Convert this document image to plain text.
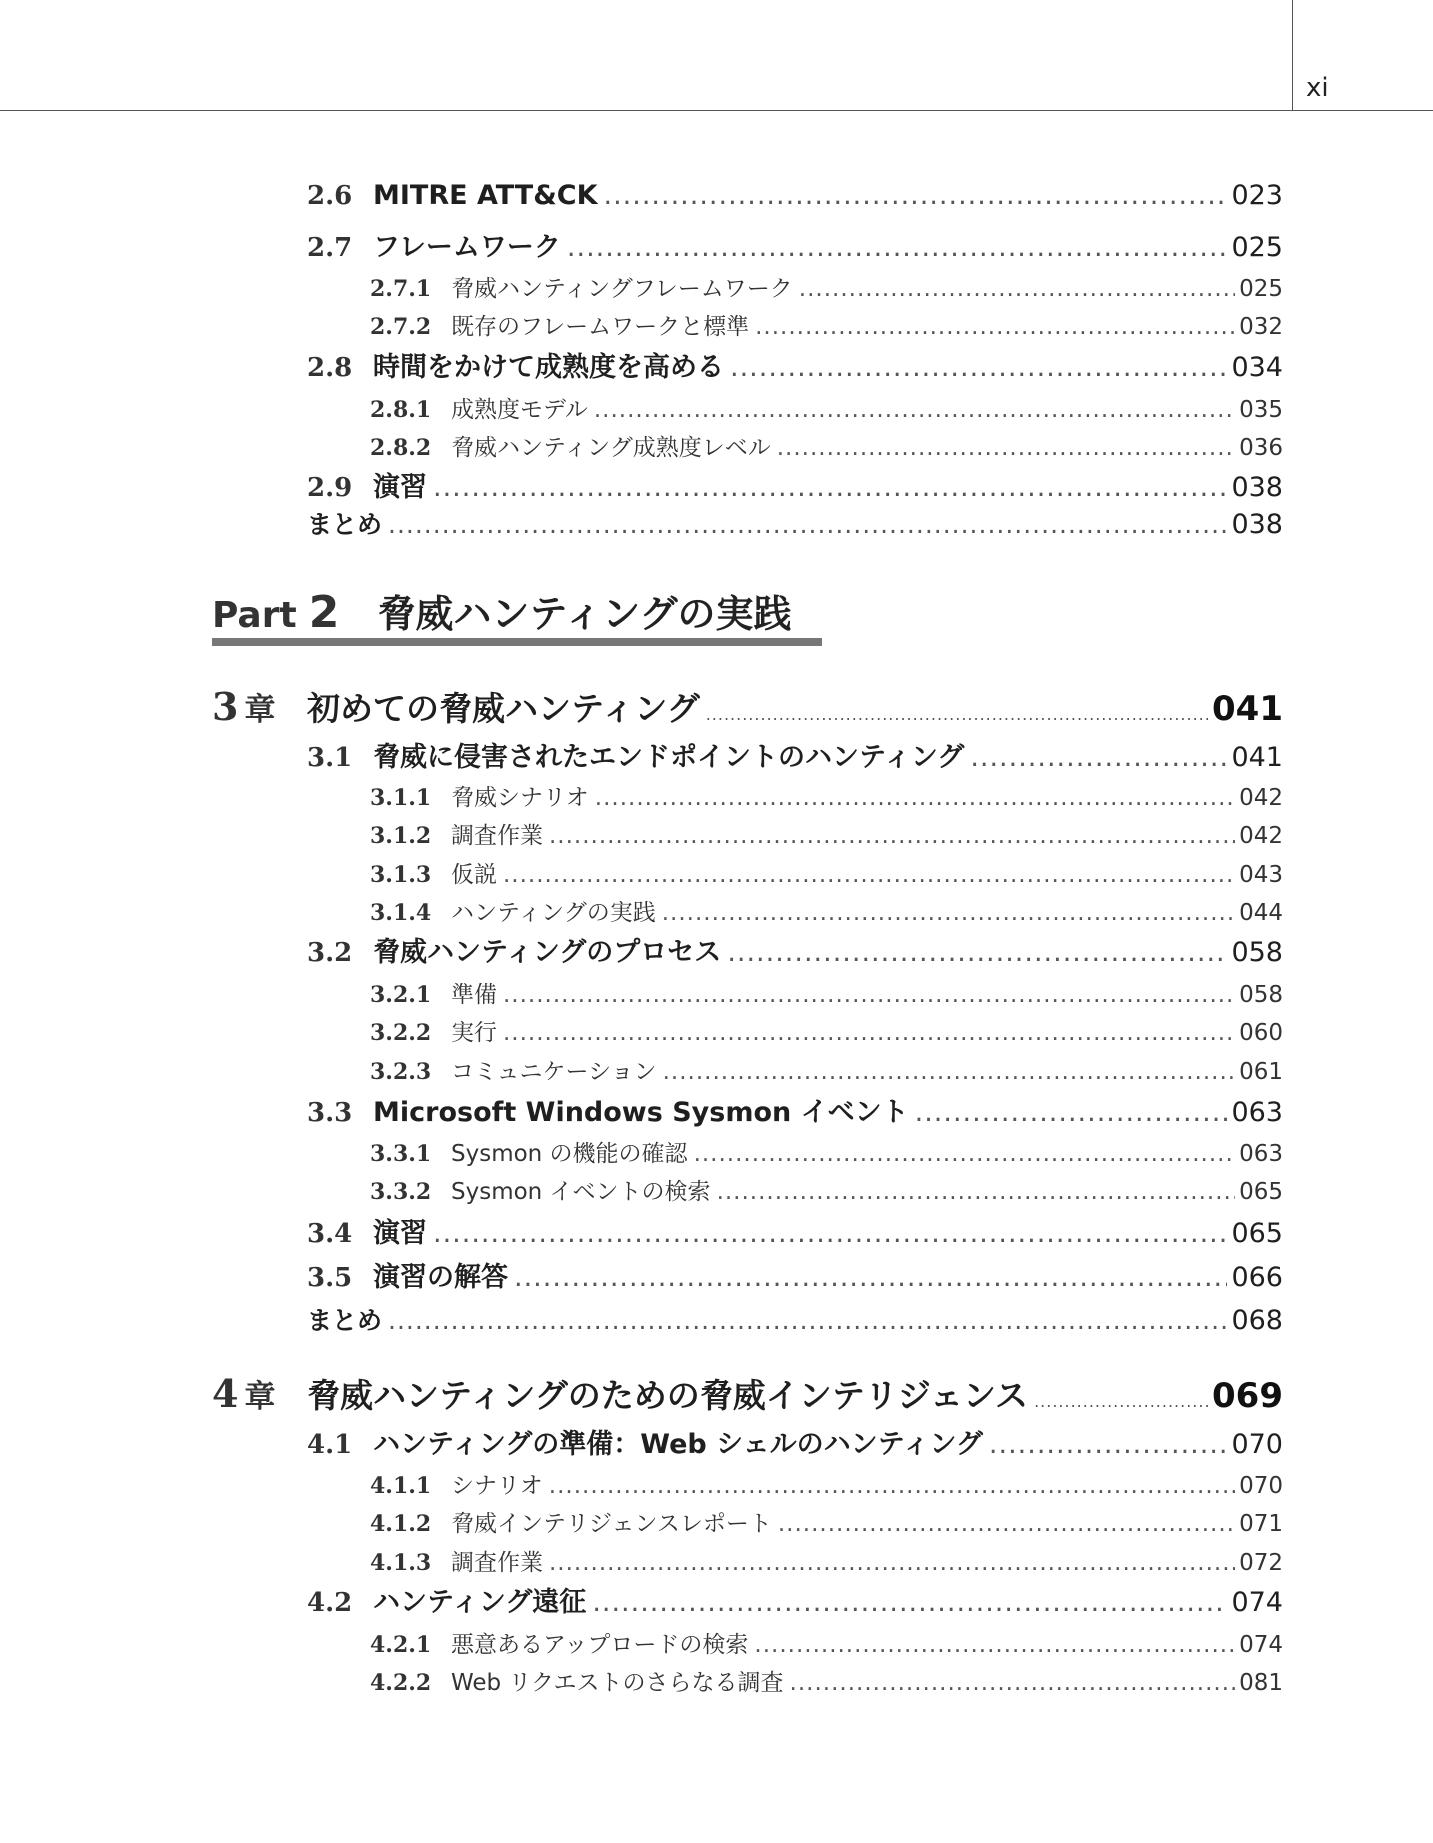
xi
2.6 MITRE ATT&CK .....	023
2.7 フレームワーク .....	025
2.7.1 脅威ハンティングフレームワーク .....	025
2.7.2 既存のフレームワークと標準 .....	032
2.8 時間をかけて成熟度を高める .....	034
2.8.1 成熟度モデル .....	035
2.8.2 脅威ハンティング成熟度レベル .....	036
2.9 演習 .....	038
まとめ .....	038
Part 2 脅威ハンティングの実践
3 章 初めての脅威ハンティング .....	041
3.1 脅威に侵害されたエンドポイントのハンティング .....	041
3.1.1 脅威シナリオ .....	042
3.1.2 調査作業 .....	042
3.1.3 仮説 .....	043
3.1.4 ハンティングの実践 .....	044
3.2 脅威ハンティングのプロセス .....	058
3.2.1 準備 .....	058
3.2.2 実行 .....	060
3.2.3 コミュニケーション .....	061
3.3 Microsoft Windows Sysmon イベント .....	063
3.3.1 Sysmon の機能の確認 .....	063
3.3.2 Sysmon イベントの検索 .....	065
3.4 演習 .....	065
3.5 演習の解答 .....	066
まとめ .....	068
4 章 脅威ハンティングのための脅威インテリジェンス .....	069
4.1 ハンティングの準備：Web シェルのハンティング .....	070
4.1.1 シナリオ .....	070
4.1.2 脅威インテリジェンスレポート .....	071
4.1.3 調査作業 .....	072
4.2 ハンティング遠征 .....	074
4.2.1 悪意あるアップロードの検索 .....	074
4.2.2 Web リクエストのさらなる調査 .....	081
